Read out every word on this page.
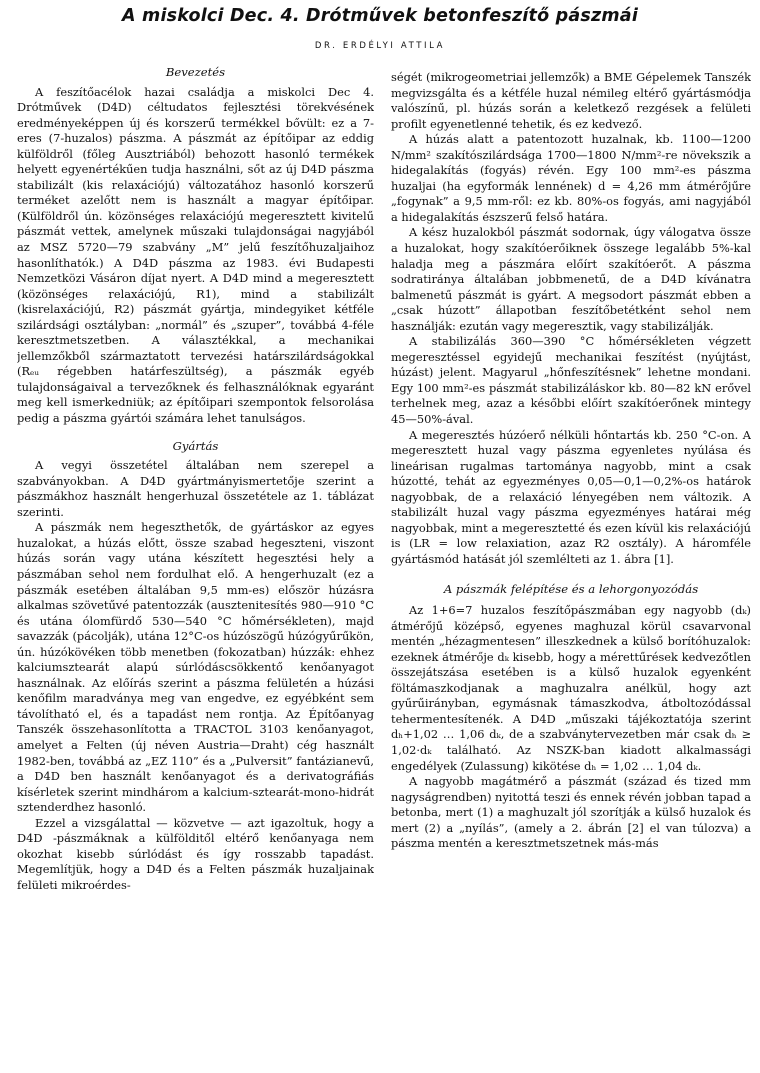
A miskolci Dec. 4. Drótművek betonfeszítő pászmái
DR. ERDÉLYI ATTILA
Bevezetés

A feszítőacélok hazai családja a miskolci Dec 4. Drótművek (D4D) céltudatos fejlesztési törekvésének eredményeképpen új és korszerű termékkel bővült: ez a 7-eres (7-huzalos) pászma. A pászmát az építőipar az eddig külföldről (főleg Ausztriából) behozott hasonló termékek helyett egyenértékűen tudja használni, sőt az új D4D pászma stabilizált (kis relaxációjú) változatához hasonló korszerű terméket azelőtt nem is használt a magyar építőipar. (Külföldről ún. közönséges relaxációjú megeresztett kivitelű pászmát vettek, amelynek műszaki tulajdonságai nagyjából az MSZ 5720—79 szabvány „M” jelű feszítőhuzaljaihoz hasonlíthatók.) A D4D pászma az 1983. évi Budapesti Nemzetközi Vásáron díjat nyert. A D4D mind a megeresztett (közönséges relaxációjú, R1), mind a stabilizált (kisrelaxációjú, R2) pászmát gyártja, mindegyiket kétféle szilárdsági osztályban: „normál” és „szuper”, továbbá 4-féle keresztmetszetben. A választékkal, a mechanikai jellemzőkből származtatott tervezési határszilárdságokkal (Rₑᵤ régebben határfeszültség), a pászmák egyéb tulajdonságaival a tervezőknek és felhasználóknak egyaránt meg kell ismerkedniük; az építőipari szempontok felsorolása pedig a pászma gyártói számára lehet tanulságos.

Gyártás

A vegyi összetétel általában nem szerepel a szabványokban. A D4D gyártmányismertetője szerint a pászmákhoz használt hengerhuzal összetétele az 1. táblázat szerinti.

A pászmák nem hegeszthetők, de gyártáskor az egyes huzalokat, a húzás előtt, össze szabad hegeszteni, viszont húzás során vagy utána készített hegesztési hely a pászmában sehol nem fordulhat elő. A hengerhuzalt (ez a pászmák esetében általában 9,5 mm-es) először húzásra alkalmas szövetűvé patentozzák (ausztenitesítés 980—910 °C és utána ólomfürdő 530—540 °C hőmérsékleten), majd savazzák (pácolják), utána 12°C-os húzószögű húzógyűrűkön, ún. húzókövéken több menetben (fokozatban) húzzák: ehhez kalciumsztearát alapú súrlódáscsökkentő kenőanyagot használnak. Az előírás szerint a pászma felületén a húzási kenőfilm maradványa meg van engedve, ez egyébként sem távolítható el, és a tapadást nem rontja. Az Építőanyag Tanszék összehasonlította a TRACTOL 3103 kenőanyagot, amelyet a Felten (új néven Austria—Draht) cég használt 1982-ben, továbbá az „EZ 110” és a „Pulversit” fantázianevű, a D4D ben használt kenőanyagot és a derivatográfiás kísérletek szerint mindhárom a kalcium-sztearát-mono-hidrát sztenderdhez hasonló.

Ezzel a vizsgálattal — közvetve — azt igazoltuk, hogy a D4D -pászmáknak a külfölditől eltérő kenőanyaga nem okozhat kisebb súrlódást és így rosszabb tapadást. Megemlítjük, hogy a D4D és a Felten pászmák huzaljainak felületi mikroérdes-

ségét (mikrogeometriai jellemzők) a BME Gépelemek Tanszék megvizsgálta és a kétféle huzal némileg eltérő gyártásmódja valószínű, pl. húzás során a keletkező rezgések a felületi profilt egyenetlenné tehetik, és ez kedvező.

A húzás alatt a patentozott huzalnak, kb. 1100—1200 N/mm² szakítószilárdsága 1700—1800 N/mm²-re növekszik a hidegalakítás (fogyás) révén. Egy 100 mm²-es pászma huzaljai (ha egyformák lennének) d = 4,26 mm átmérőjűre „fogynak” a 9,5 mm-ről: ez kb. 80%-os fogyás, ami nagyjából a hidegalakítás észszerű felső határa.

A kész huzalokból pászmát sodornak, úgy válogatva össze a huzalokat, hogy szakítóerőiknek összege legalább 5%-kal haladja meg a pászmára előírt szakítóerőt. A pászma sodratiránya általában jobbmenetű, de a D4D kívánatra balmenetű pászmát is gyárt. A megsodort pászmát ebben a „csak húzott” állapotban feszítőbetétként sehol nem használják: ezután vagy megeresztik, vagy stabilizálják.

A stabilizálás 360—390 °C hőmérsékleten végzett megeresztéssel egyidejű mechanikai feszítést (nyújtást, húzást) jelent. Magyarul „hőnfeszítésnek” lehetne mondani. Egy 100 mm²-es pászmát stabilizáláskor kb. 80—82 kN erővel terhelnek meg, azaz a későbbi előírt szakítóerőnek mintegy 45—50%-ával.

A megeresztés húzóerő nélküli hőntartás kb. 250 °C-on. A megeresztett huzal vagy pászma egyenletes nyúlása és lineárisan rugalmas tartománya nagyobb, mint a csak húzotté, tehát az egyezményes 0,05—0,1—0,2%-os határok nagyobbak, de a relaxáció lényegében nem változik. A stabilizált huzal vagy pászma egyezményes határai még nagyobbak, mint a megeresztetté és ezen kívül kis relaxációjú is (LR = low relaxiation, azaz R2 osztály). A háromféle gyártásmód hatását jól szemlélteti az 1. ábra [1].

A pászmák felépítése és a lehorgonyozódás

Az 1+6=7 huzalos feszítőpászmában egy nagyobb (dₖ) átmérőjű középső, egyenes maghuzal körül csavarvonal mentén „hézagmentesen” illeszkednek a külső borítóhuzalok: ezeknek átmérője dₖ kisebb, hogy a mérettűrések kedvezőtlen összejátszása esetében is a külső huzalok egyenként föltámaszkodjanak a maghuzalra anélkül, hogy azt gyűrűirányban, egymásnak támaszkodva, átboltozódással tehermentesítenék. A D4D „műszaki tájékoztatója szerint dₕ+1,02 … 1,06 dₖ, de a szabványtervezetben már csak dₕ ≥ 1,02·dₖ található. Az NSZK-ban kiadott alkalmassági engedélyek (Zulassung) kikötése dₕ = 1,02 … 1,04 dₖ.

A nagyobb magátmérő a pászmát (század és tized mm nagyságrendben) nyitottá teszi és ennek révén jobban tapad a betonba, mert (1) a maghuzalt jól szorítják a külső huzalok és mert (2) a „nyílás”, (amely a 2. ábrán [2] el van túlozva) a pászma mentén a keresztmetszetnek más-más
